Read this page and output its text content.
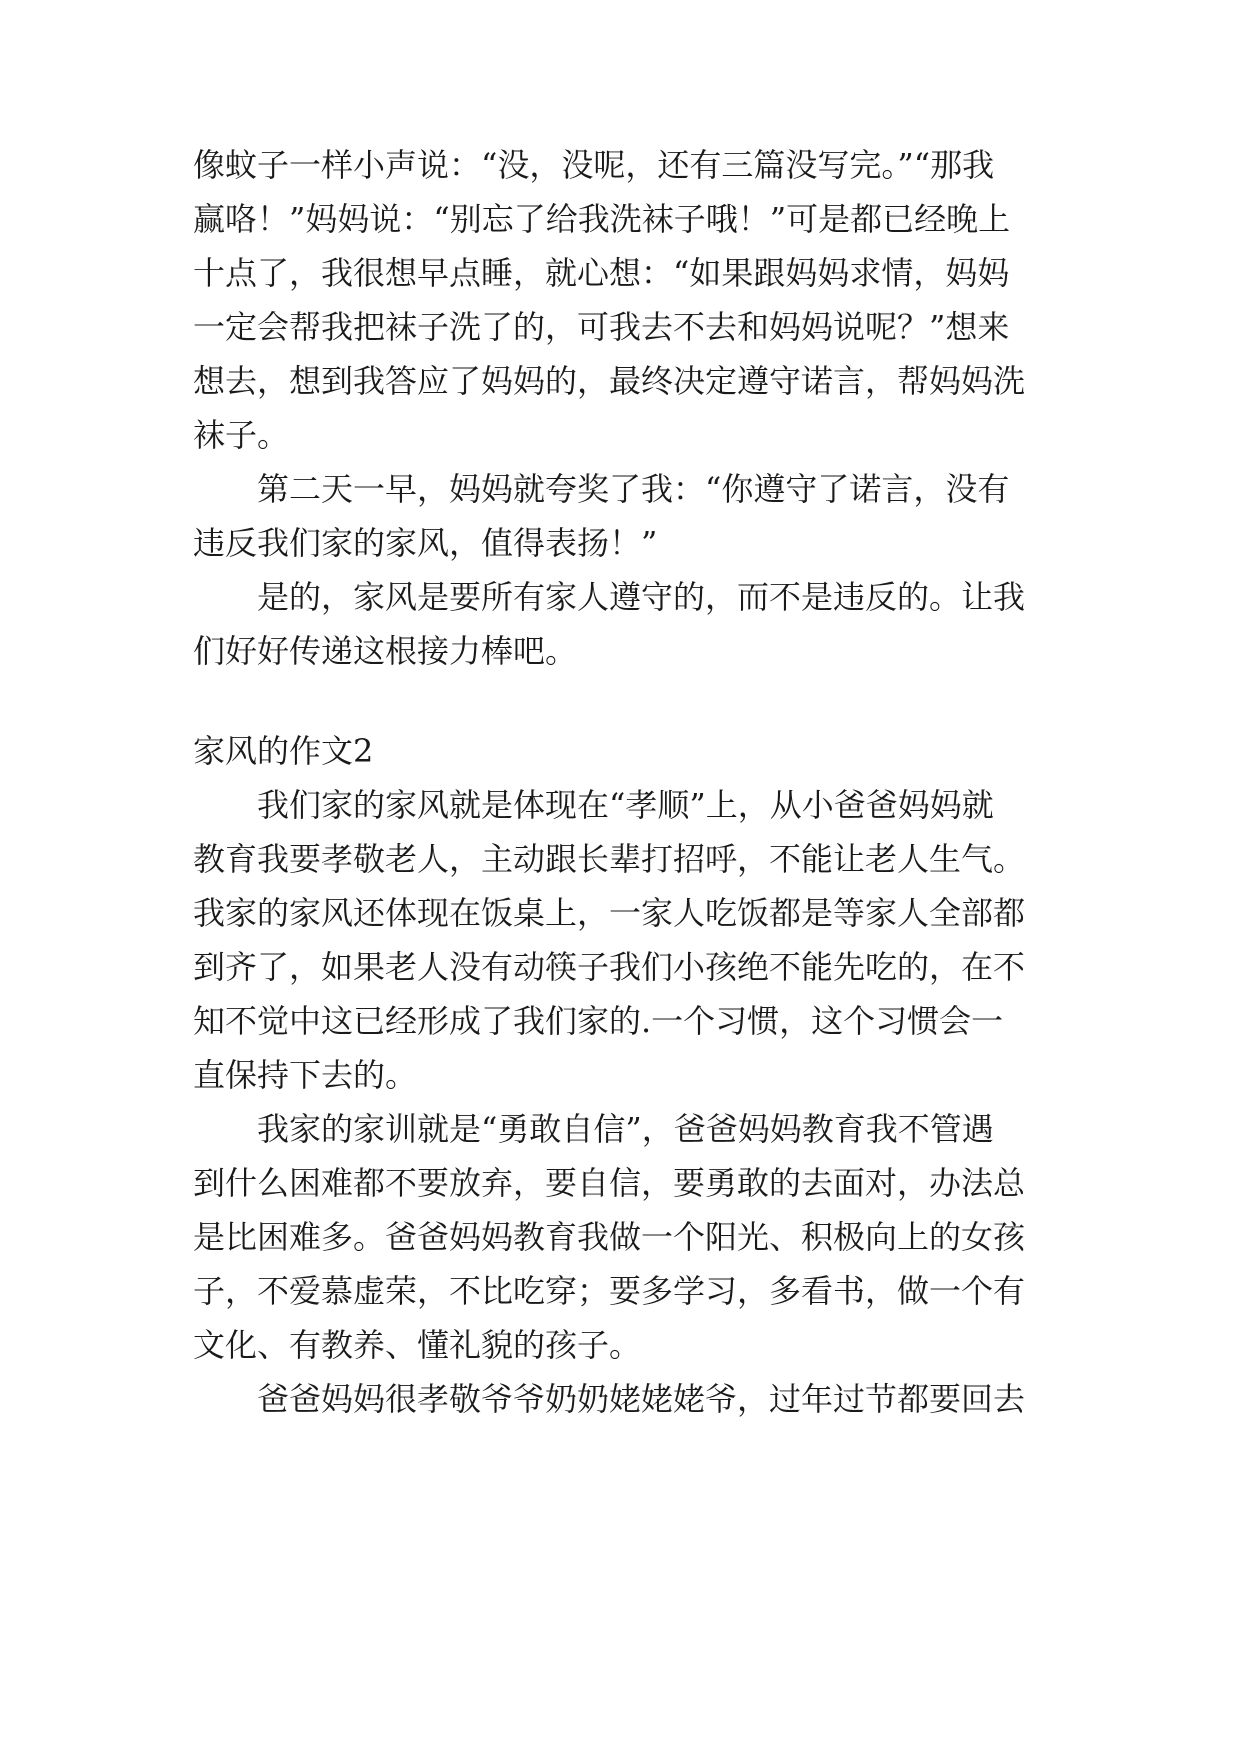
像蚊子一样小声说：“没，没呢，还有三篇没写完。”“那我
赢咯！”妈妈说：“别忘了给我洗袜子哦！”可是都已经晚上
十点了，我很想早点睡，就心想：“如果跟妈妈求情，妈妈
一定会帮我把袜子洗了的，可我去不去和妈妈说呢？”想来
想去，想到我答应了妈妈的，最终决定遵守诺言，帮妈妈洗
袜子。
第二天一早，妈妈就夸奖了我：“你遵守了诺言，没有
违反我们家的家风，值得表扬！”
是的，家风是要所有家人遵守的，而不是违反的。让我
们好好传递这根接力棒吧。
家风的作文2
我们家的家风就是体现在“孝顺”上，从小爸爸妈妈就
教育我要孝敬老人，主动跟长辈打招呼，不能让老人生气。
我家的家风还体现在饭桌上，一家人吃饭都是等家人全部都
到齐了，如果老人没有动筷子我们小孩绝不能先吃的，在不
知不觉中这已经形成了我们家的.一个习惯，这个习惯会一
直保持下去的。
我家的家训就是“勇敢自信”，爸爸妈妈教育我不管遇
到什么困难都不要放弃，要自信，要勇敢的去面对，办法总
是比困难多。爸爸妈妈教育我做一个阳光、积极向上的女孩
子，不爱慕虚荣，不比吃穿；要多学习，多看书，做一个有
文化、有教养、懂礼貌的孩子。
爸爸妈妈很孝敬爷爷奶奶姥姥姥爷，过年过节都要回去
